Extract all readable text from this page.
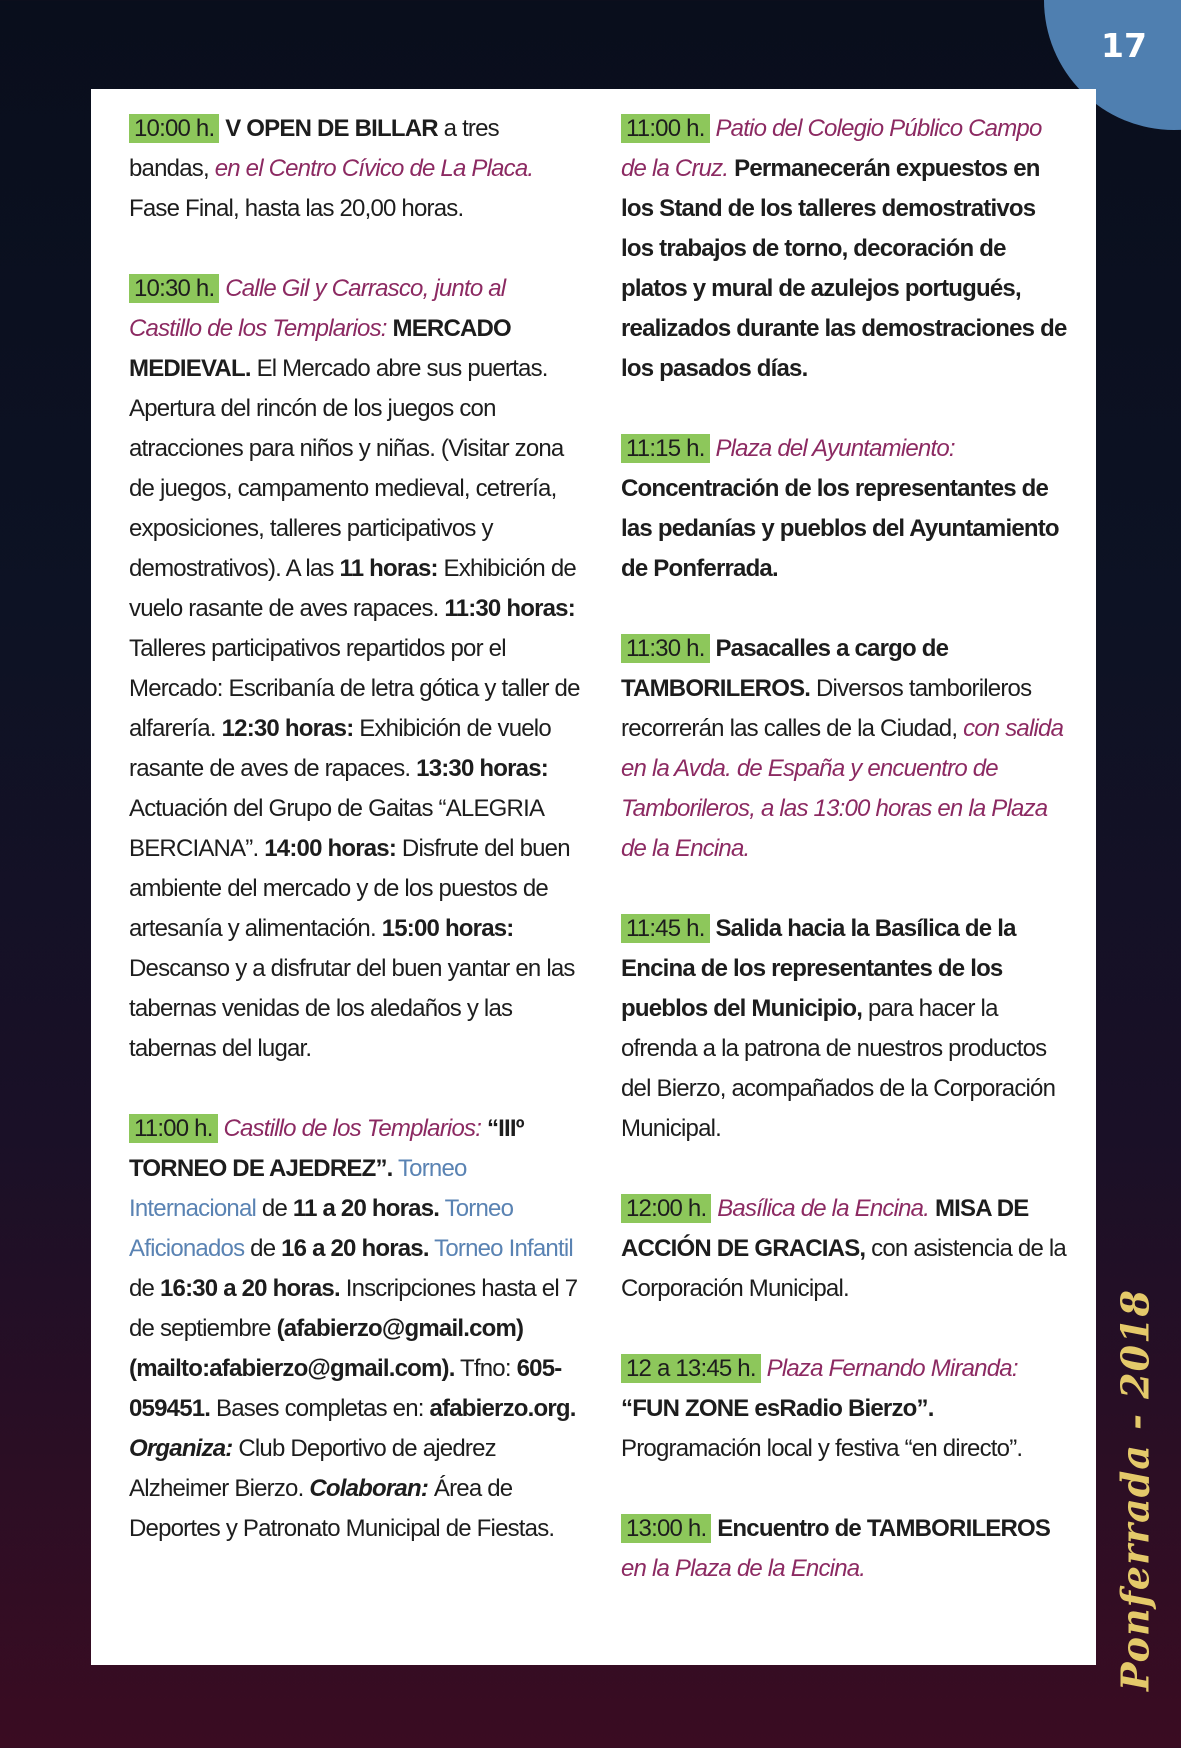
17

10:00 h. V OPEN DE BILLAR a tres bandas, en el Centro Cívico de La Placa. Fase Final, hasta las 20,00 horas.

10:30 h. Calle Gil y Carrasco, junto al Castillo de los Templarios: MERCADO MEDIEVAL. El Mercado abre sus puertas. Apertura del rincón de los juegos con atracciones para niños y niñas. (Visitar zona de juegos, campamento medieval, cetrería, exposiciones, talleres participativos y demostrativos). A las 11 horas: Exhibición de vuelo rasante de aves rapaces. 11:30 horas: Talleres participativos repartidos por el Mercado: Escribanía de letra gótica y taller de alfarería. 12:30 horas: Exhibición de vuelo rasante de aves de rapaces. 13:30 horas: Actuación del Grupo de Gaitas “ALEGRIA BERCIANA”. 14:00 horas: Disfrute del buen ambiente del mercado y de los puestos de artesanía y alimentación. 15:00 horas: Descanso y a disfrutar del buen yantar en las tabernas venidas de los aledaños y las tabernas del lugar.

11:00 h. Castillo de los Templarios: “IIIº TORNEO DE AJEDREZ”. Torneo Internacional de 11 a 20 horas. Torneo Aficionados de 16 a 20 horas. Torneo Infantil de 16:30 a 20 horas. Inscripciones hasta el 7 de septiembre (afabierzo@gmail.com) (mailto:afabierzo@gmail.com). Tfno: 605-059451. Bases completas en: afabierzo.org. Organiza: Club Deportivo de ajedrez Alzheimer Bierzo. Colaboran: Área de Deportes y Patronato Municipal de Fiestas.

11:00 h. Patio del Colegio Público Campo de la Cruz. Permanecerán expuestos en los Stand de los talleres demostrativos los trabajos de torno, decoración de platos y mural de azulejos portugués, realizados durante las demostraciones de los pasados días.

11:15 h. Plaza del Ayuntamiento: Concentración de los representantes de las pedanías y pueblos del Ayuntamiento de Ponferrada.

11:30 h. Pasacalles a cargo de TAMBORILEROS. Diversos tamborileros recorrerán las calles de la Ciudad, con salida en la Avda. de España y encuentro de Tamborileros, a las 13:00 horas en la Plaza de la Encina.

11:45 h. Salida hacia la Basílica de la Encina de los representantes de los pueblos del Municipio, para hacer la ofrenda a la patrona de nuestros productos del Bierzo, acompañados de la Corporación Municipal.

12:00 h. Basílica de la Encina. MISA DE ACCIÓN DE GRACIAS, con asistencia de la Corporación Municipal.

12 a 13:45 h. Plaza Fernando Miranda: “FUN ZONE esRadio Bierzo”. Programación local y festiva “en directo”.

13:00 h. Encuentro de TAMBORILEROS en la Plaza de la Encina.	Ponferrada - 2018
